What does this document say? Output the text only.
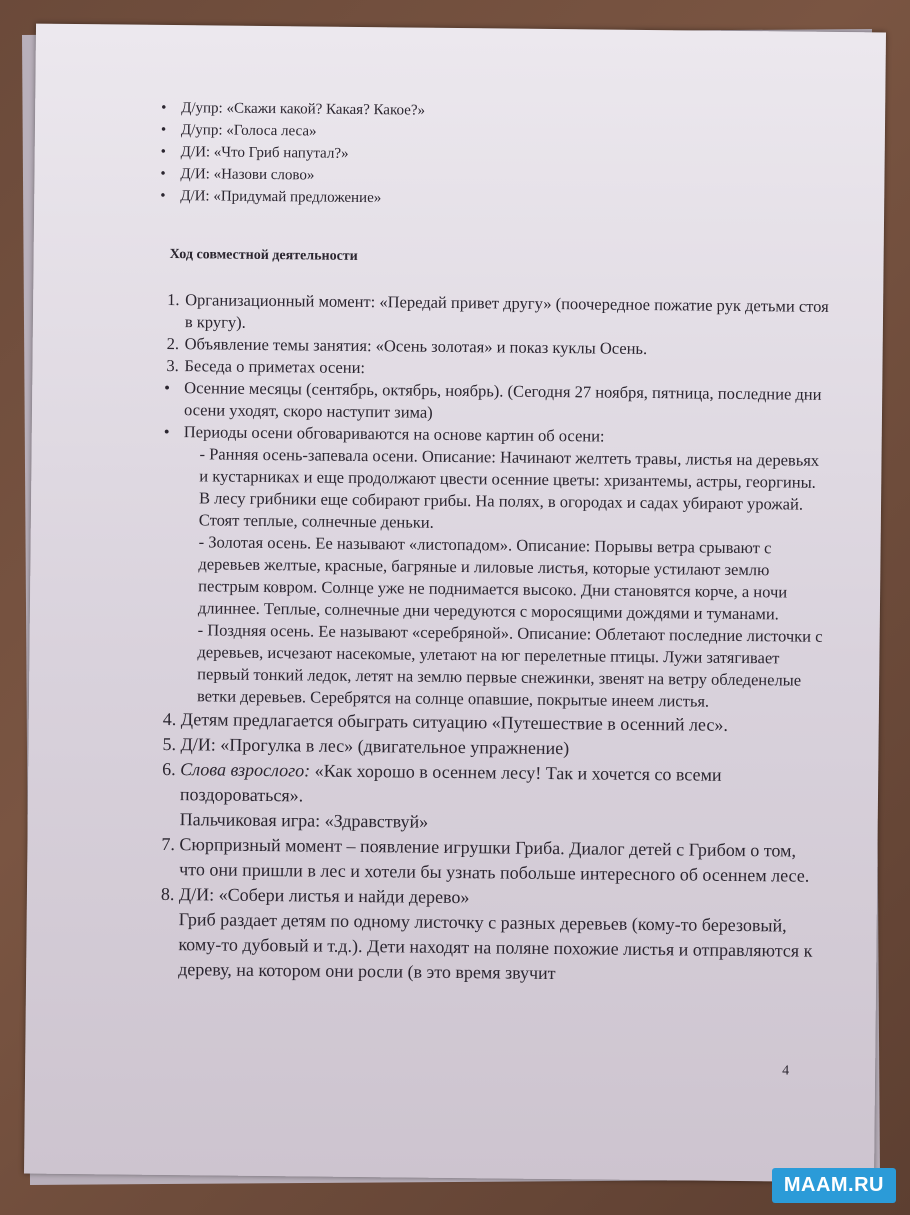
• Д/упр: «Скажи какой? Какая? Какое?»
• Д/упр: «Голоса леса»
• Д/И: «Что Гриб напутал?»
• Д/И: «Назови слово»
• Д/И: «Придумай предложение»
Ход совместной деятельности
1. Организационный момент: «Передай привет другу» (поочередное пожатие рук детьми стоя в кругу).
2. Объявление темы занятия: «Осень золотая» и показ куклы Осень.
3. Беседа о приметах осени:
• Осенние месяцы (сентябрь, октябрь, ноябрь). (Сегодня 27 ноября, пятница, последние дни осени уходят, скоро наступит зима)
• Периоды осени обговариваются на основе картин об осени:
- Ранняя осень-запевала осени. Описание: Начинают желтеть травы, листья на деревьях и кустарниках и еще продолжают цвести осенние цветы: хризантемы, астры, георгины. В лесу грибники еще собирают грибы. На полях, в огородах и садах убирают урожай. Стоят теплые, солнечные деньки.
- Золотая осень. Ее называют «листопадом». Описание: Порывы ветра срывают с деревьев желтые, красные, багряные и лиловые листья, которые устилают землю пестрым ковром. Солнце уже не поднимается высоко. Дни становятся корче, а ночи длиннее. Теплые, солнечные дни чередуются с моросящими дождями и туманами.
- Поздняя осень. Ее называют «серебряной». Описание: Облетают последние листочки с деревьев, исчезают насекомые, улетают на юг перелетные птицы. Лужи затягивает первый тонкий ледок, летят на землю первые снежинки, звенят на ветру обледенелые ветки деревьев. Серебрятся на солнце опавшие, покрытые инеем листья.
4. Детям предлагается обыграть ситуацию «Путешествие в осенний лес».
5. Д/И: «Прогулка в лес» (двигательное упражнение)
6. Слова взрослого: «Как хорошо в осеннем лесу! Так и хочется со всеми поздороваться».
Пальчиковая игра: «Здравствуй»
7. Сюрпризный момент – появление игрушки Гриба. Диалог детей с Грибом о том, что они пришли в лес и хотели бы узнать побольше интересного об осеннем лесе.
8. Д/И: «Собери листья и найди дерево»
Гриб раздает детям по одному листочку с разных деревьев (кому-то березовый, кому-то дубовый и т.д.). Дети находят на поляне похожие листья и отправляются к дереву, на котором они росли (в это время звучит
4
MAAM.RU
